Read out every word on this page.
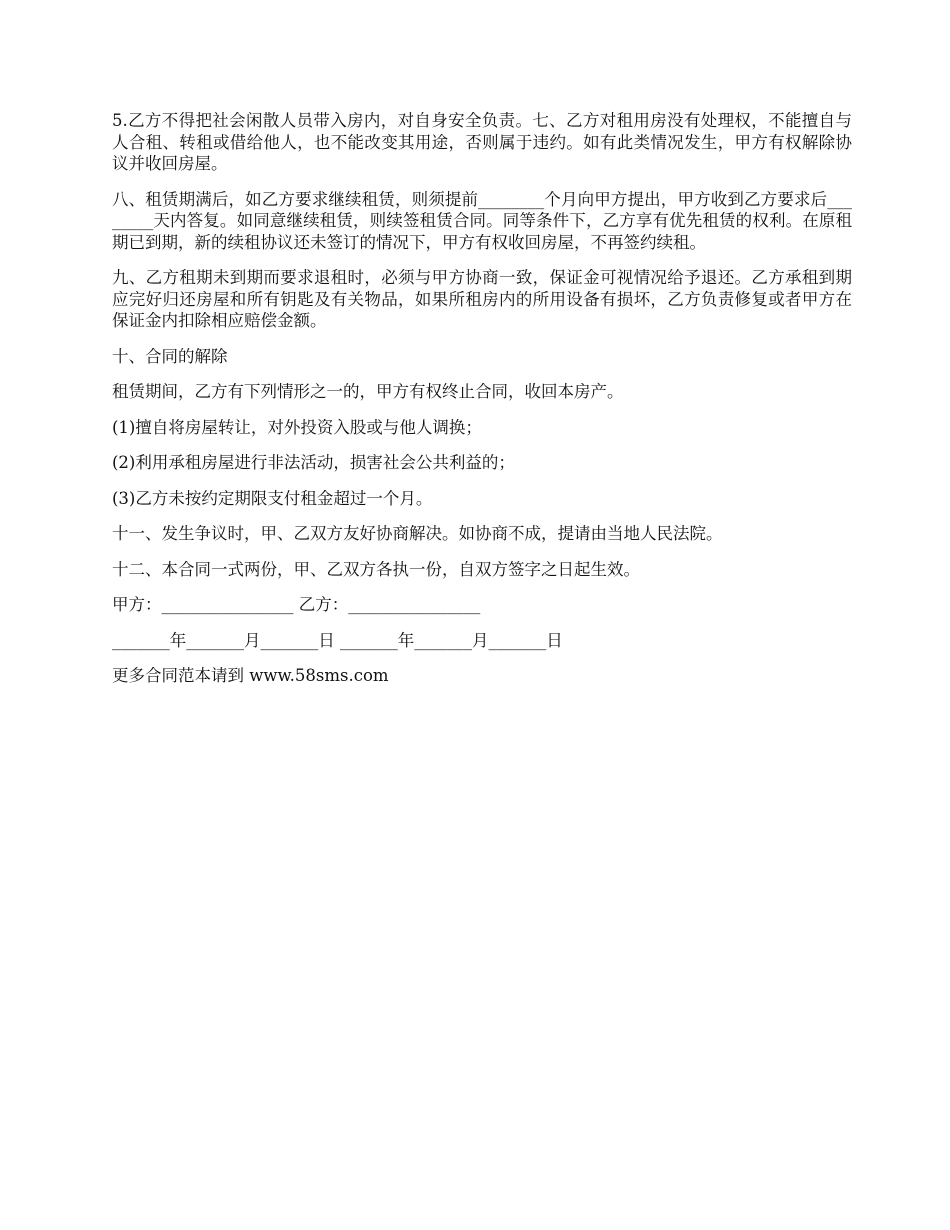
5.乙方不得把社会闲散人员带入房内，对自身安全负责。七、乙方对租用房没有处理权，不能擅自与人合租、转租或借给他人，也不能改变其用途，否则属于违约。如有此类情况发生，甲方有权解除协议并收回房屋。

八、租赁期满后，如乙方要求继续租赁，则须提前________个月向甲方提出，甲方收到乙方要求后________天内答复。如同意继续租赁，则续签租赁合同。同等条件下，乙方享有优先租赁的权利。在原租期已到期，新的续租协议还未签订的情况下，甲方有权收回房屋，不再签约续租。

九、乙方租期未到期而要求退租时，必须与甲方协商一致，保证金可视情况给予退还。乙方承租到期应完好归还房屋和所有钥匙及有关物品，如果所租房内的所用设备有损坏，乙方负责修复或者甲方在保证金内扣除相应赔偿金额。

十、合同的解除

租赁期间，乙方有下列情形之一的，甲方有权终止合同，收回本房产。

(1)擅自将房屋转让，对外投资入股或与他人调换；

(2)利用承租房屋进行非法活动，损害社会公共利益的；

(3)乙方未按约定期限支付租金超过一个月。

十一、发生争议时，甲、乙双方友好协商解决。如协商不成，提请由当地人民法院。

十二、本合同一式两份，甲、乙双方各执一份，自双方签字之日起生效。

甲方：________________ 乙方：________________

_______年_______月_______日 _______年_______月_______日

更多合同范本请到 www.58sms.com
